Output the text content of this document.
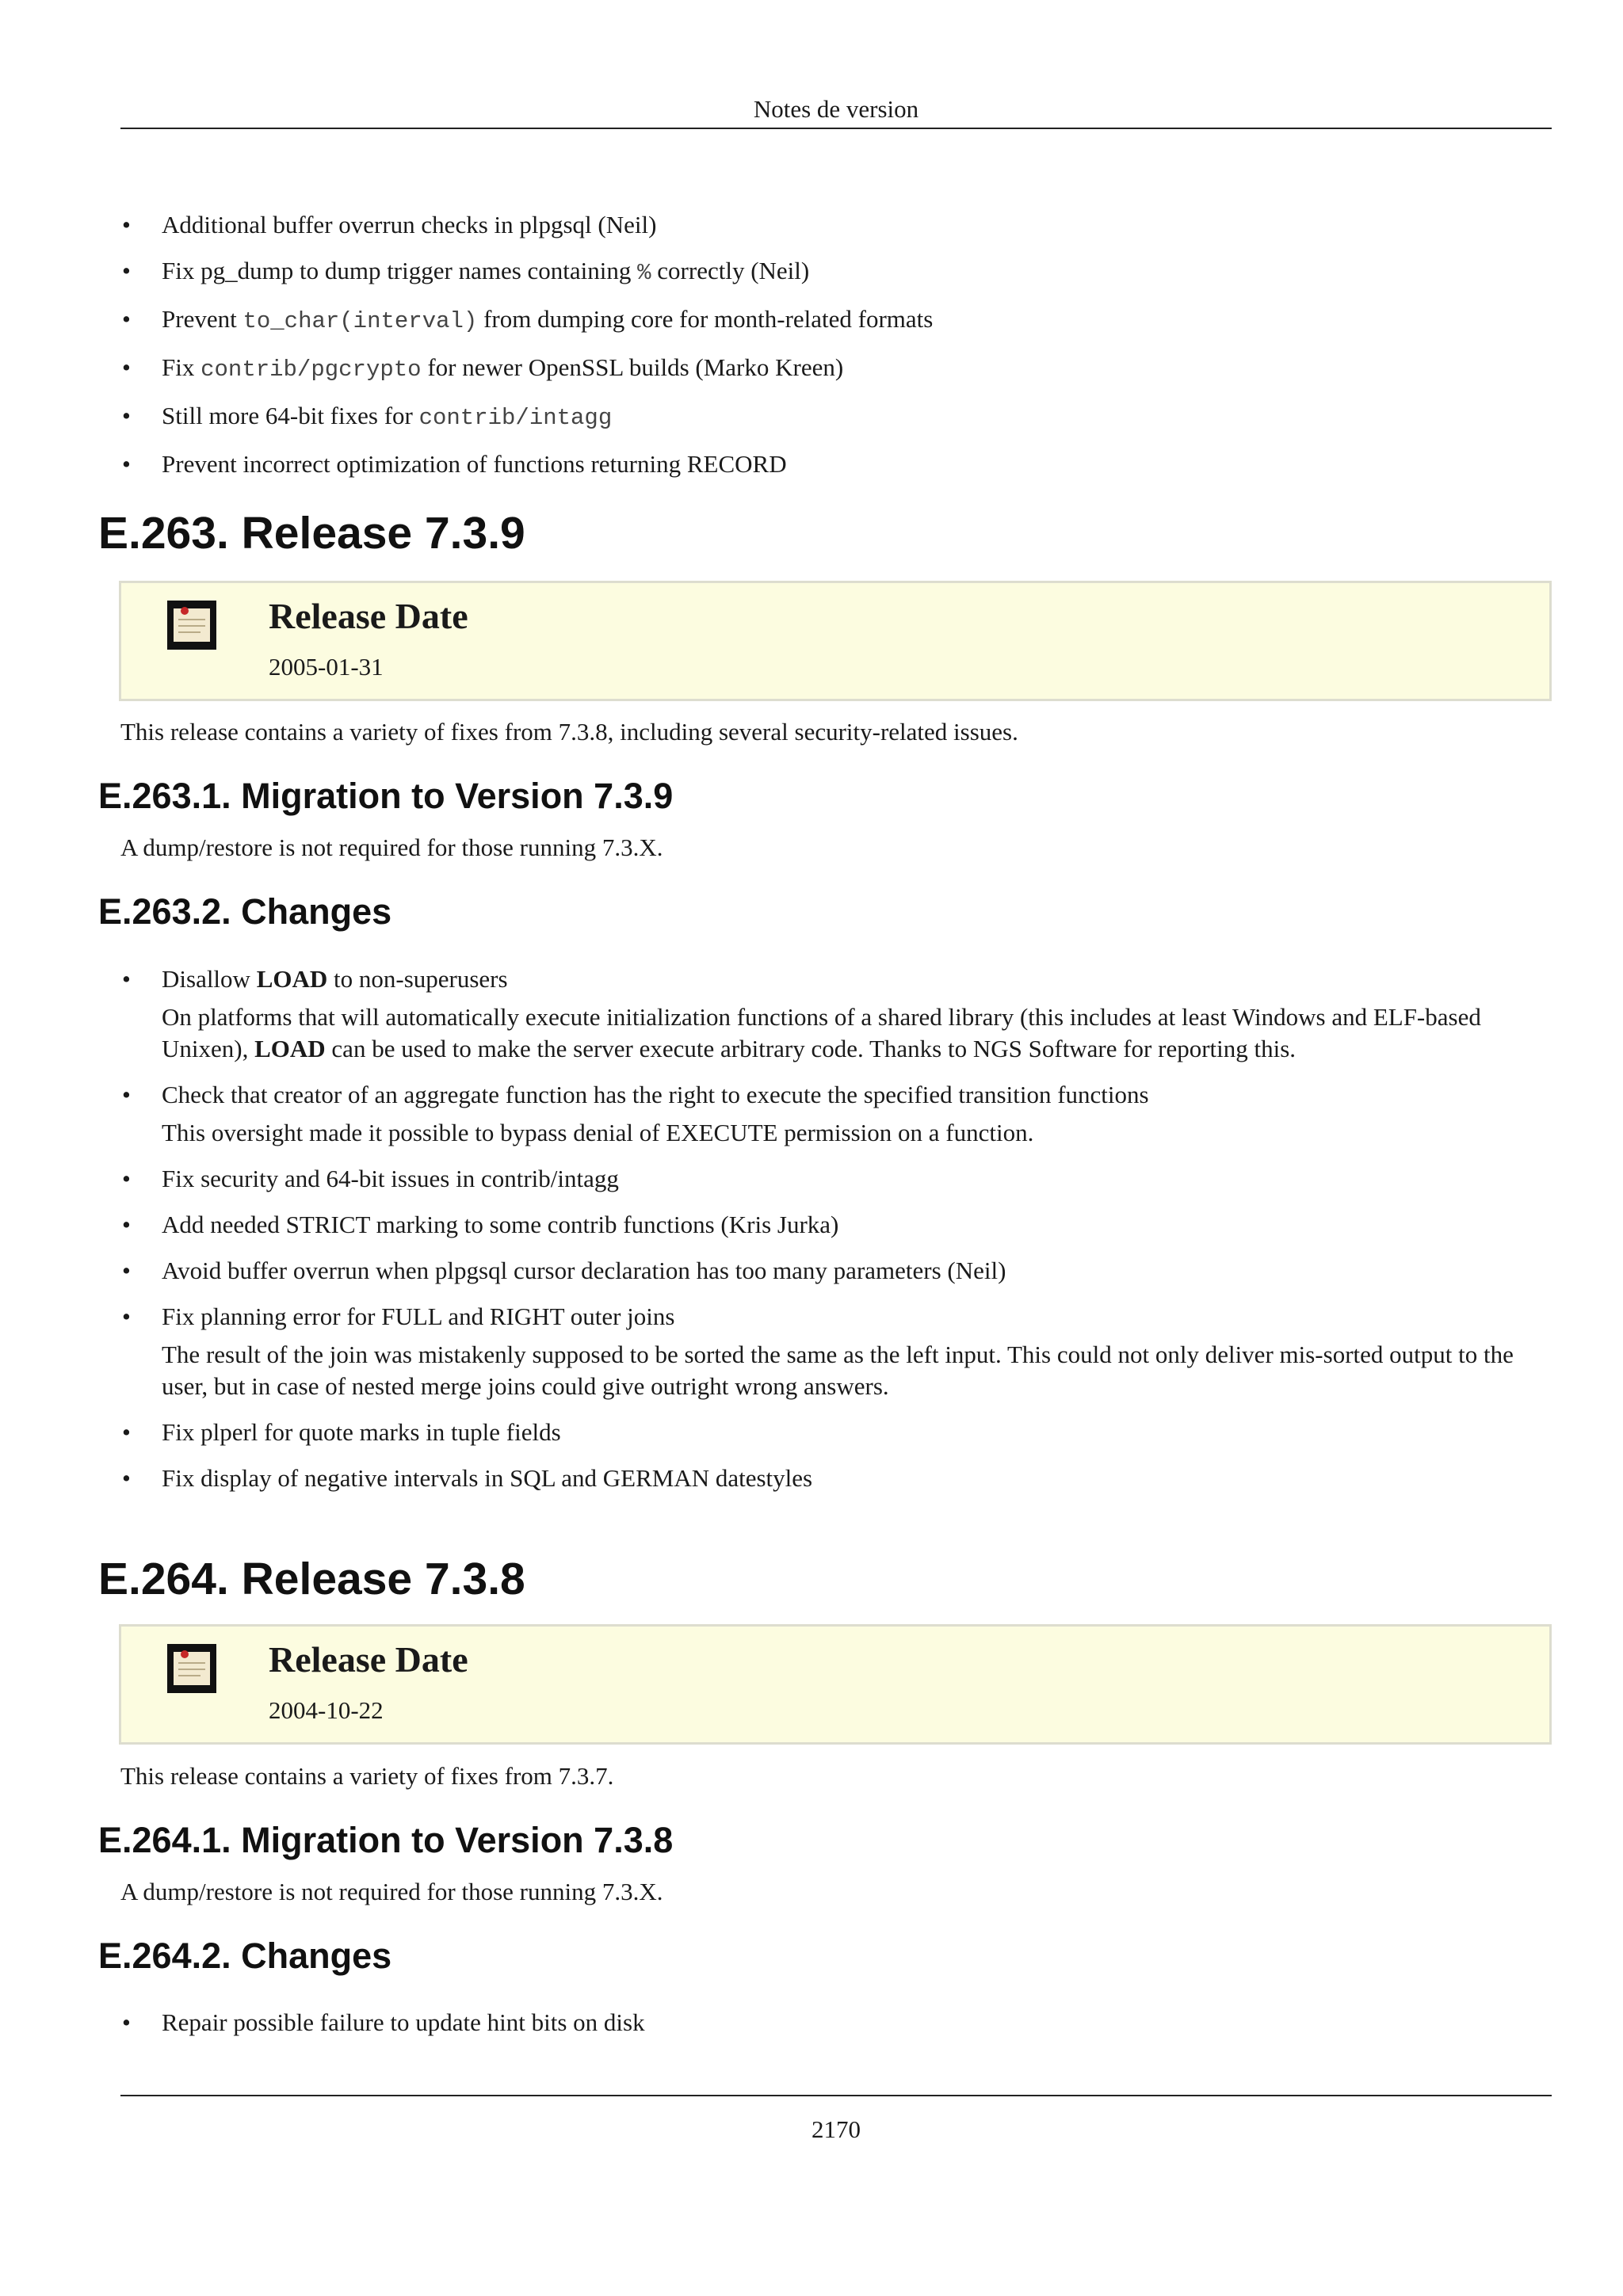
Notes de version
• Additional buffer overrun checks in plpgsql (Neil)
• Fix pg_dump to dump trigger names containing % correctly (Neil)
• Prevent to_char(interval) from dumping core for month-related formats
• Fix contrib/pgcrypto for newer OpenSSL builds (Marko Kreen)
• Still more 64-bit fixes for contrib/intagg
• Prevent incorrect optimization of functions returning RECORD
E.263. Release 7.3.9
Release Date
2005-01-31

This release contains a variety of fixes from 7.3.8, including several security-related issues.

E.263.1. Migration to Version 7.3.9

A dump/restore is not required for those running 7.3.X.

E.263.2. Changes
• Disallow LOAD to non-superusers

On platforms that will automatically execute initialization functions of a shared library (this includes at least Windows and ELF-based Unixen), LOAD can be used to make the server execute arbitrary code. Thanks to NGS Software for reporting this.

• Check that creator of an aggregate function has the right to execute the specified transition functions

This oversight made it possible to bypass denial of EXECUTE permission on a function.

• Fix security and 64-bit issues in contrib/intagg
• Add needed STRICT marking to some contrib functions (Kris Jurka)
• Avoid buffer overrun when plpgsql cursor declaration has too many parameters (Neil)
• Fix planning error for FULL and RIGHT outer joins

The result of the join was mistakenly supposed to be sorted the same as the left input. This could not only deliver mis-sorted output to the user, but in case of nested merge joins could give outright wrong answers.

• Fix plperl for quote marks in tuple fields
• Fix display of negative intervals in SQL and GERMAN datestyles
E.264. Release 7.3.8
Release Date
2004-10-22

This release contains a variety of fixes from 7.3.7.

E.264.1. Migration to Version 7.3.8

A dump/restore is not required for those running 7.3.X.

E.264.2. Changes
• Repair possible failure to update hint bits on disk
2170
